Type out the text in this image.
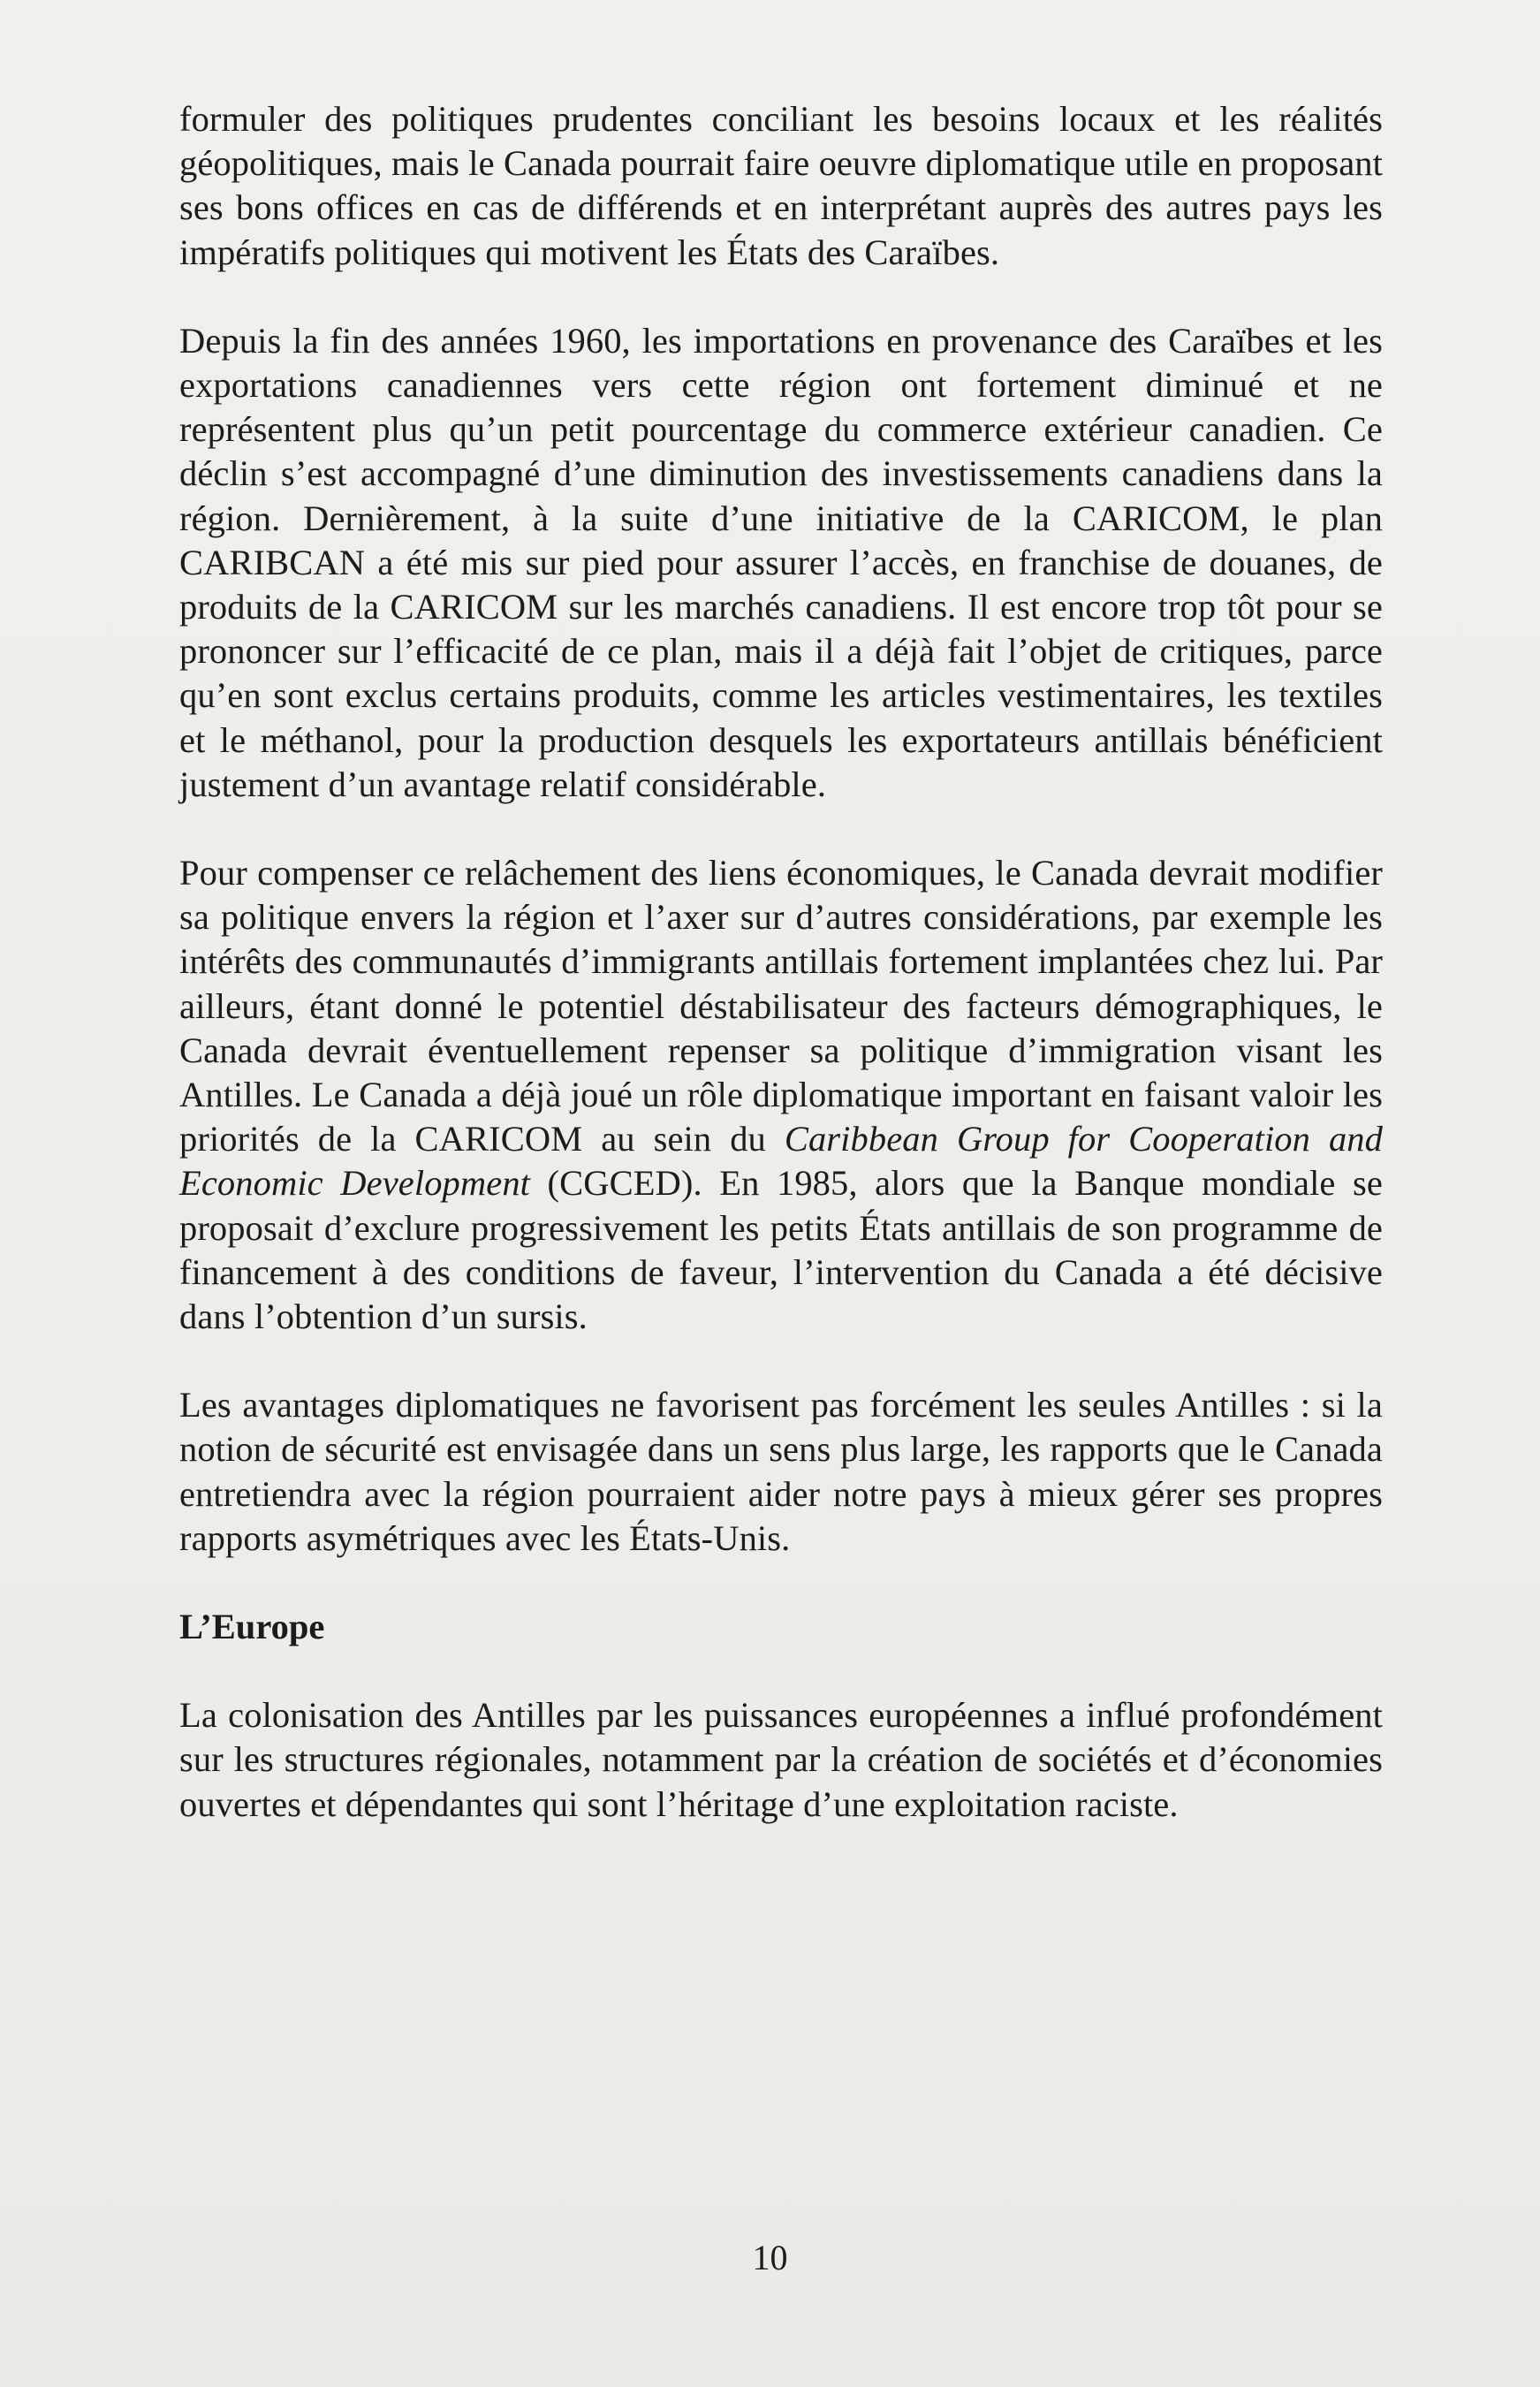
formuler des politiques prudentes conciliant les besoins locaux et les réalités géopolitiques, mais le Canada pourrait faire oeuvre diplomatique utile en proposant ses bons offices en cas de différends et en interprétant auprès des autres pays les impératifs politiques qui motivent les États des Caraïbes.

Depuis la fin des années 1960, les importations en provenance des Caraïbes et les exportations canadiennes vers cette région ont fortement diminué et ne représentent plus qu’un petit pourcentage du commerce extérieur canadien. Ce déclin s’est accompagné d’une diminution des investissements canadiens dans la région. Dernièrement, à la suite d’une initiative de la CARICOM, le plan CARIBCAN a été mis sur pied pour assurer l’accès, en franchise de douanes, de produits de la CARICOM sur les marchés canadiens. Il est encore trop tôt pour se prononcer sur l’efficacité de ce plan, mais il a déjà fait l’objet de critiques, parce qu’en sont exclus certains produits, comme les articles vestimentaires, les textiles et le méthanol, pour la production desquels les exportateurs antillais bénéficient justement d’un avantage relatif considérable.

Pour compenser ce relâchement des liens économiques, le Canada devrait modifier sa politique envers la région et l’axer sur d’autres considérations, par exemple les intérêts des communautés d’immigrants antillais fortement implantées chez lui. Par ailleurs, étant donné le potentiel déstabilisateur des facteurs démographiques, le Canada devrait éventuellement repenser sa politique d’immigration visant les Antilles. Le Canada a déjà joué un rôle diplomatique important en faisant valoir les priorités de la CARICOM au sein du Caribbean Group for Cooperation and Economic Development (CGCED). En 1985, alors que la Banque mondiale se proposait d’exclure progressivement les petits États antillais de son programme de financement à des conditions de faveur, l’intervention du Canada a été décisive dans l’obtention d’un sursis.

Les avantages diplomatiques ne favorisent pas forcément les seules Antilles : si la notion de sécurité est envisagée dans un sens plus large, les rapports que le Canada entretiendra avec la région pourraient aider notre pays à mieux gérer ses propres rapports asymétriques avec les États-Unis.

L’Europe

La colonisation des Antilles par les puissances européennes a influé profondément sur les structures régionales, notamment par la création de sociétés et d’économies ouvertes et dépendantes qui sont l’héritage d’une exploitation raciste.

10
